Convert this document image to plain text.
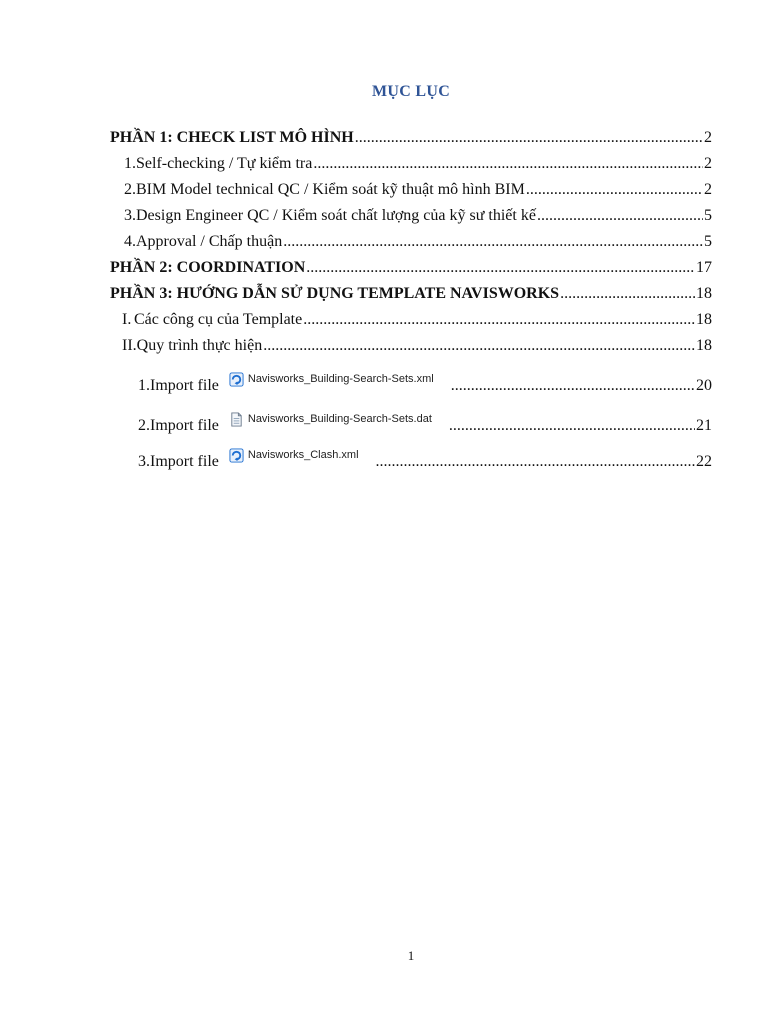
MỤC LỤC
PHẦN 1: CHECK LIST MÔ HÌNH .....	2
1. Self-checking / Tự kiểm tra .....	2
2. BIM Model technical QC / Kiểm soát kỹ thuật mô hình BIM .....	2
3. Design Engineer QC / Kiểm soát chất lượng của kỹ sư thiết kế .....	5
4. Approval / Chấp thuận .....	5
PHẦN 2: COORDINATION .....	17
PHẦN 3: HƯỚNG DẪN SỬ DỤNG TEMPLATE NAVISWORKS .....	18
I. Các công cụ của Template .....	18
II. Quy trình thực hiện .....	18
1. Import file	Navisworks_Building-Search-Sets.xml .....	20
2. Import file	Navisworks_Building-Search-Sets.dat .....	21
3. Import file	Navisworks_Clash.xml .....	22
1
